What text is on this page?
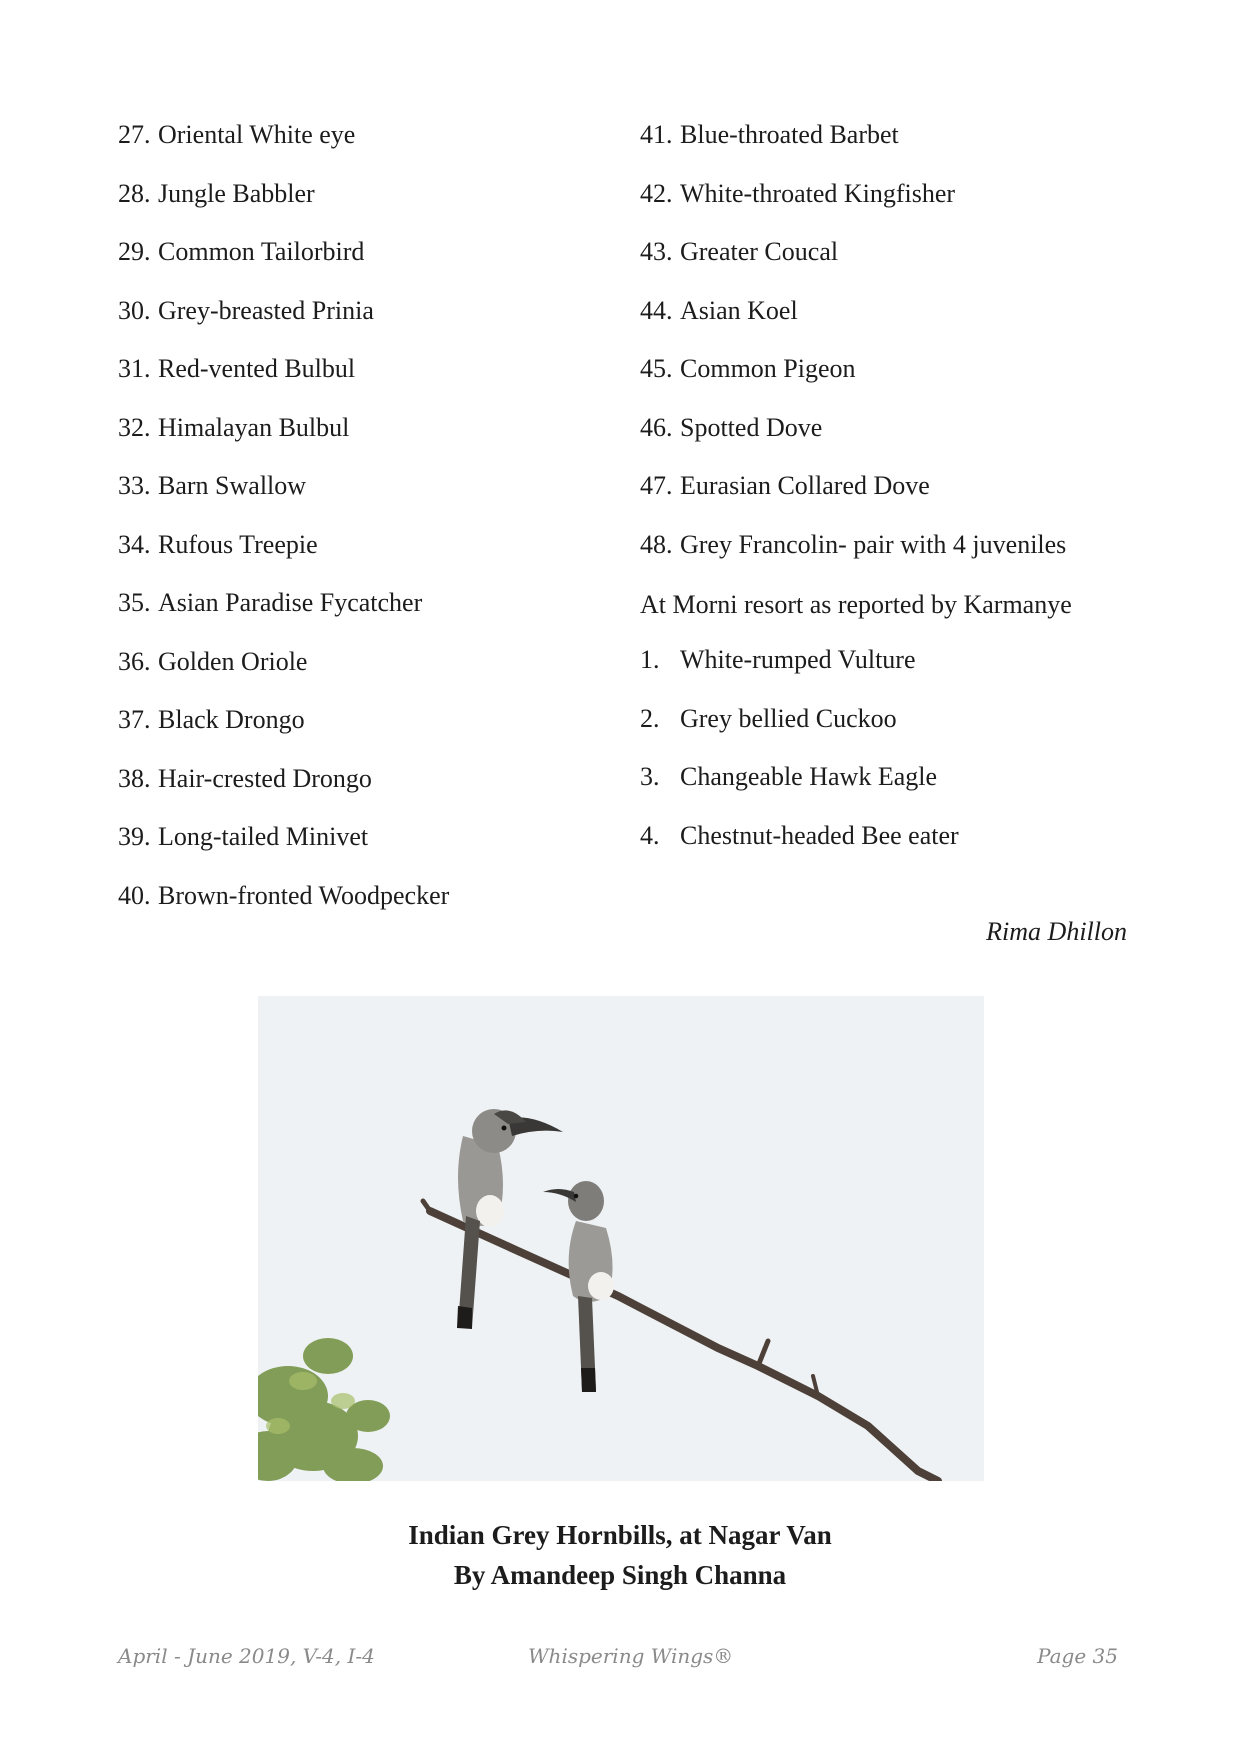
27. Oriental White eye
28. Jungle Babbler
29. Common Tailorbird
30. Grey-breasted Prinia
31. Red-vented Bulbul
32. Himalayan Bulbul
33. Barn Swallow
34. Rufous Treepie
35. Asian Paradise Fycatcher
36. Golden Oriole
37. Black Drongo
38. Hair-crested Drongo
39. Long-tailed Minivet
40. Brown-fronted Woodpecker
41. Blue-throated Barbet
42. White-throated Kingfisher
43. Greater Coucal
44. Asian Koel
45. Common Pigeon
46. Spotted Dove
47. Eurasian Collared Dove
48. Grey Francolin- pair with 4 juveniles
At Morni resort as reported by Karmanye
1. White-rumped Vulture
2. Grey bellied Cuckoo
3. Changeable Hawk Eagle
4. Chestnut-headed Bee eater
Rima Dhillon
Indian Grey Hornbills, at Nagar Van
By Amandeep Singh Channa
April - June 2019, V-4, I-4	Whispering Wings®	Page 35
